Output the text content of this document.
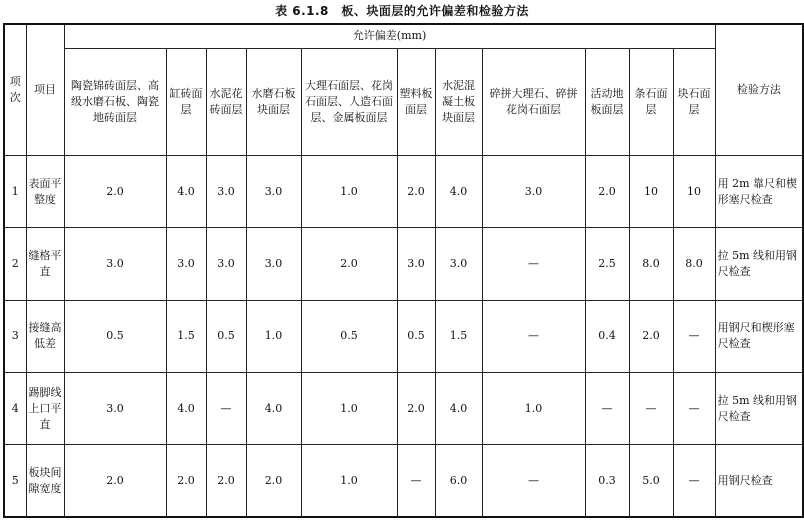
表 6.1.8　板、块面层的允许偏差和检验方法
项次	项目	允许偏差(mm)											检验方法
		陶瓷锦砖面层、高级水磨石板、陶瓷地砖面层	缸砖面层	水泥花砖面层	水磨石板块面层	大理石面层、花岗石面层、人造石面层、金属板面层	塑料板面层	水泥混凝土板块面层	碎拼大理石、碎拼花岗石面层	活动地板面层	条石面层	块石面层	
1	表面平整度	2.0	4.0	3.0	3.0	1.0	2.0	4.0	3.0	2.0	10	10	用 2m 靠尺和楔形塞尺检查
2	缝格平直	3.0	3.0	3.0	3.0	2.0	3.0	3.0	—	2.5	8.0	8.0	拉 5m 线和用钢尺检查
3	接缝高低差	0.5	1.5	0.5	1.0	0.5	0.5	1.5	—	0.4	2.0	—	用钢尺和楔形塞尺检查
4	踢脚线上口平直	3.0	4.0	—	4.0	1.0	2.0	4.0	1.0	—	—	—	拉 5m 线和用钢尺检查
5	板块间隙宽度	2.0	2.0	2.0	2.0	1.0	—	6.0	—	0.3	5.0	—	用钢尺检查
